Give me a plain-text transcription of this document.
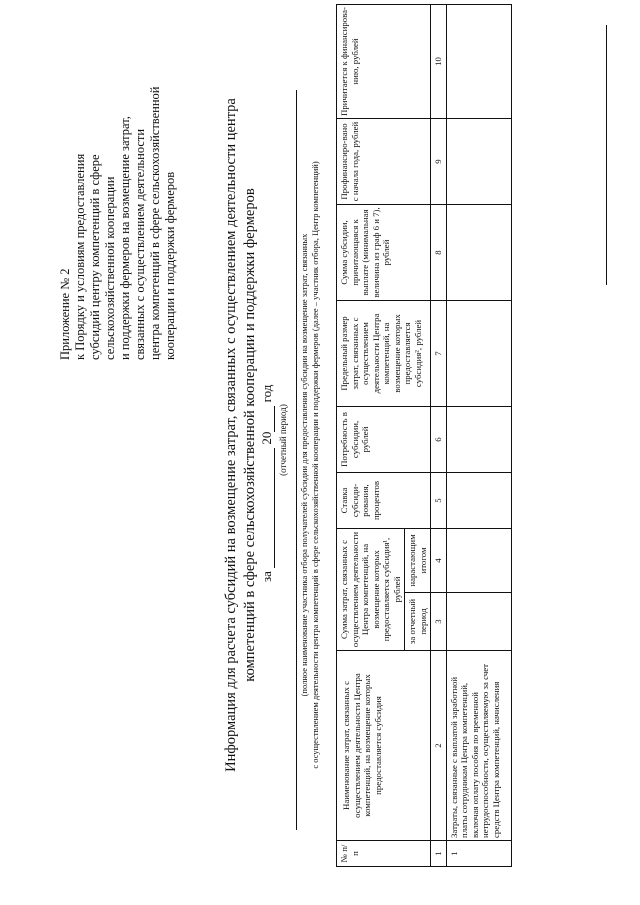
Приложение № 2 к Порядку и условиям предоставления субсидий центру компетенций в сфере сельскохозяйственной кооперации и поддержки фермеров на возмещение затрат, связанных с осуществлением деятельности центра компетенций в сфере сельскохозяйственной кооперации и поддержки фермеров	Информация для расчета субсидий на возмещение затрат, связанных с осуществлением деятельности центра компетенций в сфере сельскохозяйственной кооперации и поддержки фермеров за   20  год
(отчетный период) (полное наименование участника отбора получателей субсидии для предоставления субсидии на возмещение затрат, связанных с осуществлением деятельности центра компетенций в сфере сельскохозяйственной кооперации и поддержки фермеров (далее – участник отбора, Центр компетенций)
№ п/п	Наименование затрат, связанных с осуществлением деятельности Центра компетенций, на возмещение которых предоставляется субсидия	Сумма затрат, связанных с осуществлением деятельности Центра компетенций, на возмещение которых предоставляется субсидия¹, рублей		Ставка субсиди-рования, процентов	Потребность в субсидии, рублей	Предельный размер затрат, связанных с осуществлением деятельности Центра компетенций, на возмещение которых предоставляется субсидия², рублей	Сумма субсидии, причитающаяся к выплате (минимальная величина из граф 6 и 7), рублей	Профинансиро-вано с начала года, рублей	Причитается к финансирова-нию, рублей
		за отчетный период	нарастающим итогом						
1	2	3	4	5	6	7	8	9	10
1	Затраты, связанные с выплатой заработной платы сотрудникам Центра компетенций, включая оплату пособия по временной нетрудоспособности, осуществляемую за счет средств Центра компетенций, начисления								
